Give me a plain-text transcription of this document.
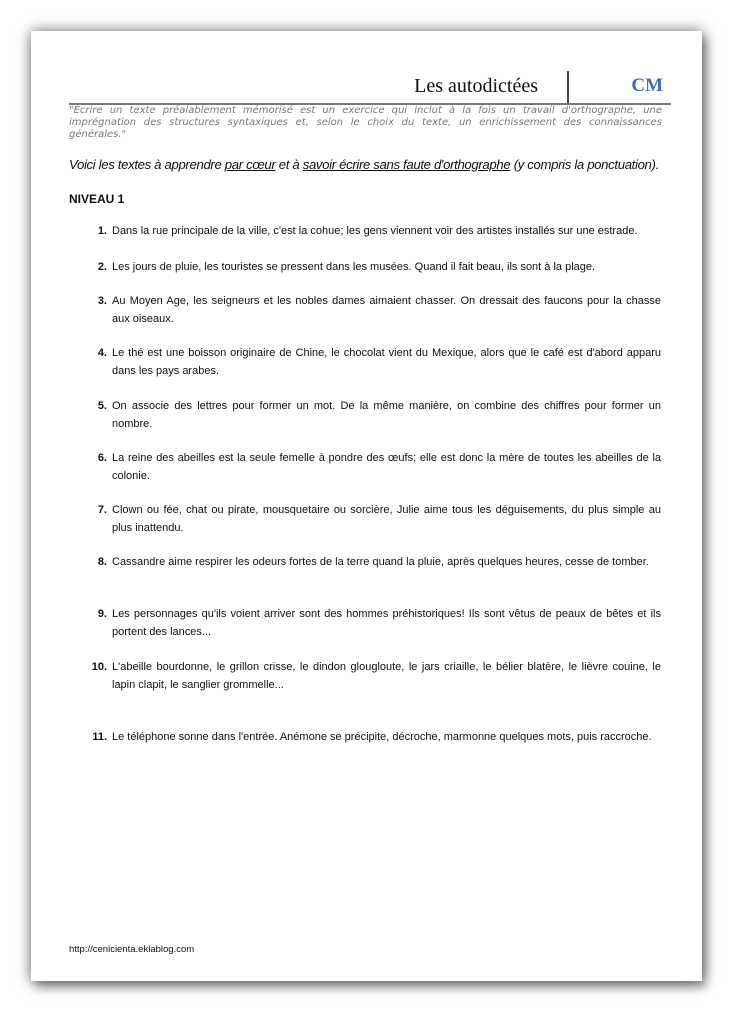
Les autodictées	CM
"Écrire un texte préalablement mémorisé est un exercice qui inclut à la fois un travail d'orthographe, une imprégnation des structures syntaxiques et, selon le choix du texte, un enrichissement des connaissances générales."
Voici les textes à apprendre par cœur et à savoir écrire sans faute d'orthographe (y compris la ponctuation).
NIVEAU 1
1. Dans la rue principale de la ville, c'est la cohue; les gens viennent voir des artistes installés sur une estrade.
2. Les jours de pluie, les touristes se pressent dans les musées. Quand il fait beau, ils sont à la plage.
3. Au Moyen Age, les seigneurs et les nobles dames aimaient chasser. On dressait des faucons pour la chasse aux oiseaux.
4. Le thé est une boisson originaire de Chine, le chocolat vient du Mexique, alors que le café est d'abord apparu dans les pays arabes.
5. On associe des lettres pour former un mot. De la même manière, on combine des chiffres pour former un nombre.
6. La reine des abeilles est la seule femelle à pondre des œufs; elle est donc la mère de toutes les abeilles de la colonie.
7. Clown ou fée, chat ou pirate, mousquetaire ou sorcière, Julie aime tous les déguisements, du plus simple au plus inattendu.
8. Cassandre aime respirer les odeurs fortes de la terre quand la pluie, après quelques heures, cesse de tomber.
9. Les personnages qu'ils voient arriver sont des hommes préhistoriques! Ils sont vêtus de peaux de bêtes et ils portent des lances...
10. L'abeille bourdonne, le grillon crisse, le dindon glougloute, le jars criaille, le bélier blatère, le lièvre couine, le lapin clapit, le sanglier grommelle...
11. Le téléphone sonne dans l'entrée. Anémone se précipite, décroche, marmonne quelques mots, puis raccroche.
http://cenicienta.eklablog.com
